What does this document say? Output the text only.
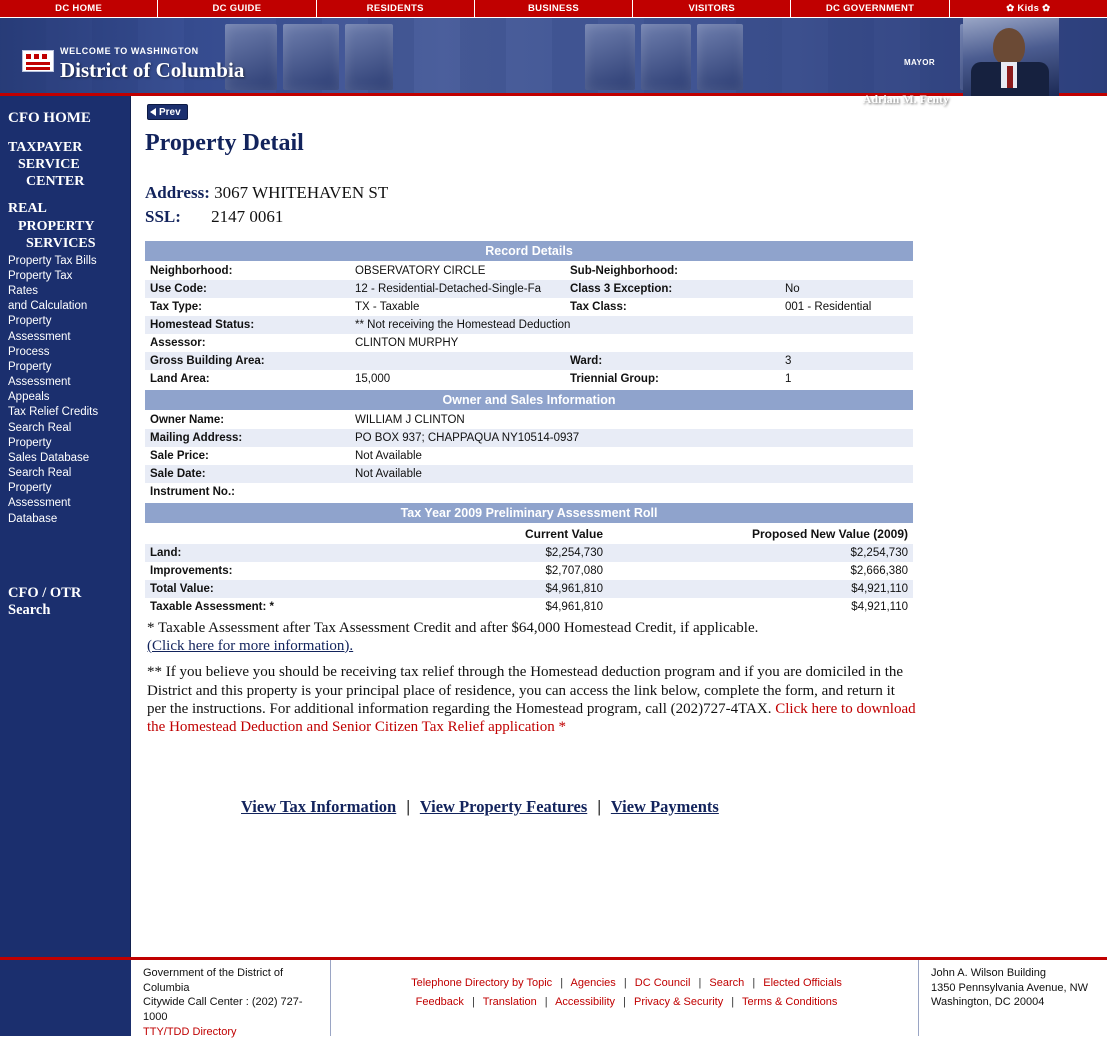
DC HOME	DC GUIDE	RESIDENTS	BUSINESS	VISITORS	DC GOVERNMENT	✿ Kids ✿
WELCOME TO WASHINGTON
District of Columbia	MAYOR
Adrian M. Fenty
CFO HOME
TAXPAYER
SERVICE
CENTER
REAL
PROPERTY
SERVICES
Property Tax Bills
Property Tax
Rates
and Calculation
Property
Assessment
Process
Property
Assessment
Appeals
Tax Relief Credits
Search Real
Property
Sales Database
Search Real
Property
Assessment
Database
CFO / OTR
Search
Prev
Property Detail
Address: 3067 WHITEHAVEN ST
SSL: 2147 0061
Record Details			
Neighborhood:	OBSERVATORY CIRCLE	Sub-Neighborhood:	
Use Code:	12 - Residential-Detached-Single-Fa	Class 3 Exception:	No
Tax Type:	TX - Taxable	Tax Class:	001 - Residential
Homestead Status:	** Not receiving the Homestead Deduction		
Assessor:	CLINTON MURPHY		
Gross Building Area:		Ward:	3
Land Area:	15,000	Triennial Group:	1
Owner and Sales Information	
Owner Name:	WILLIAM J CLINTON
Mailing Address:	PO BOX 937; CHAPPAQUA NY10514-0937
Sale Price:	Not Available
Sale Date:	Not Available
Instrument No.:	
Tax Year 2009 Preliminary Assessment Roll		
	Current Value	Proposed New Value (2009)
Land:	$2,254,730	$2,254,730
Improvements:	$2,707,080	$2,666,380
Total Value:	$4,961,810	$4,921,110
Taxable Assessment: *	$4,961,810	$4,921,110
* Taxable Assessment after Tax Assessment Credit and after $64,000 Homestead Credit, if applicable.
(Click here for more information).
** If you believe you should be receiving tax relief through the Homestead deduction program and if you are domiciled in the District and this property is your principal place of residence, you can access the link below, complete the form, and return it per the instructions. For additional information regarding the Homestead program, call (202)727-4TAX. Click here to download the Homestead Deduction and Senior Citizen Tax Relief application *
View Tax Information | View Property Features | View Payments
Government of the District of Columbia
Citywide Call Center : (202) 727-1000
TTY/TDD Directory
Telephone Directory by Topic | Agencies | DC Council | Search | Elected Officials
Feedback | Translation | Accessibility | Privacy & Security | Terms & Conditions
John A. Wilson Building
1350 Pennsylvania Avenue, NW
Washington, DC 20004
